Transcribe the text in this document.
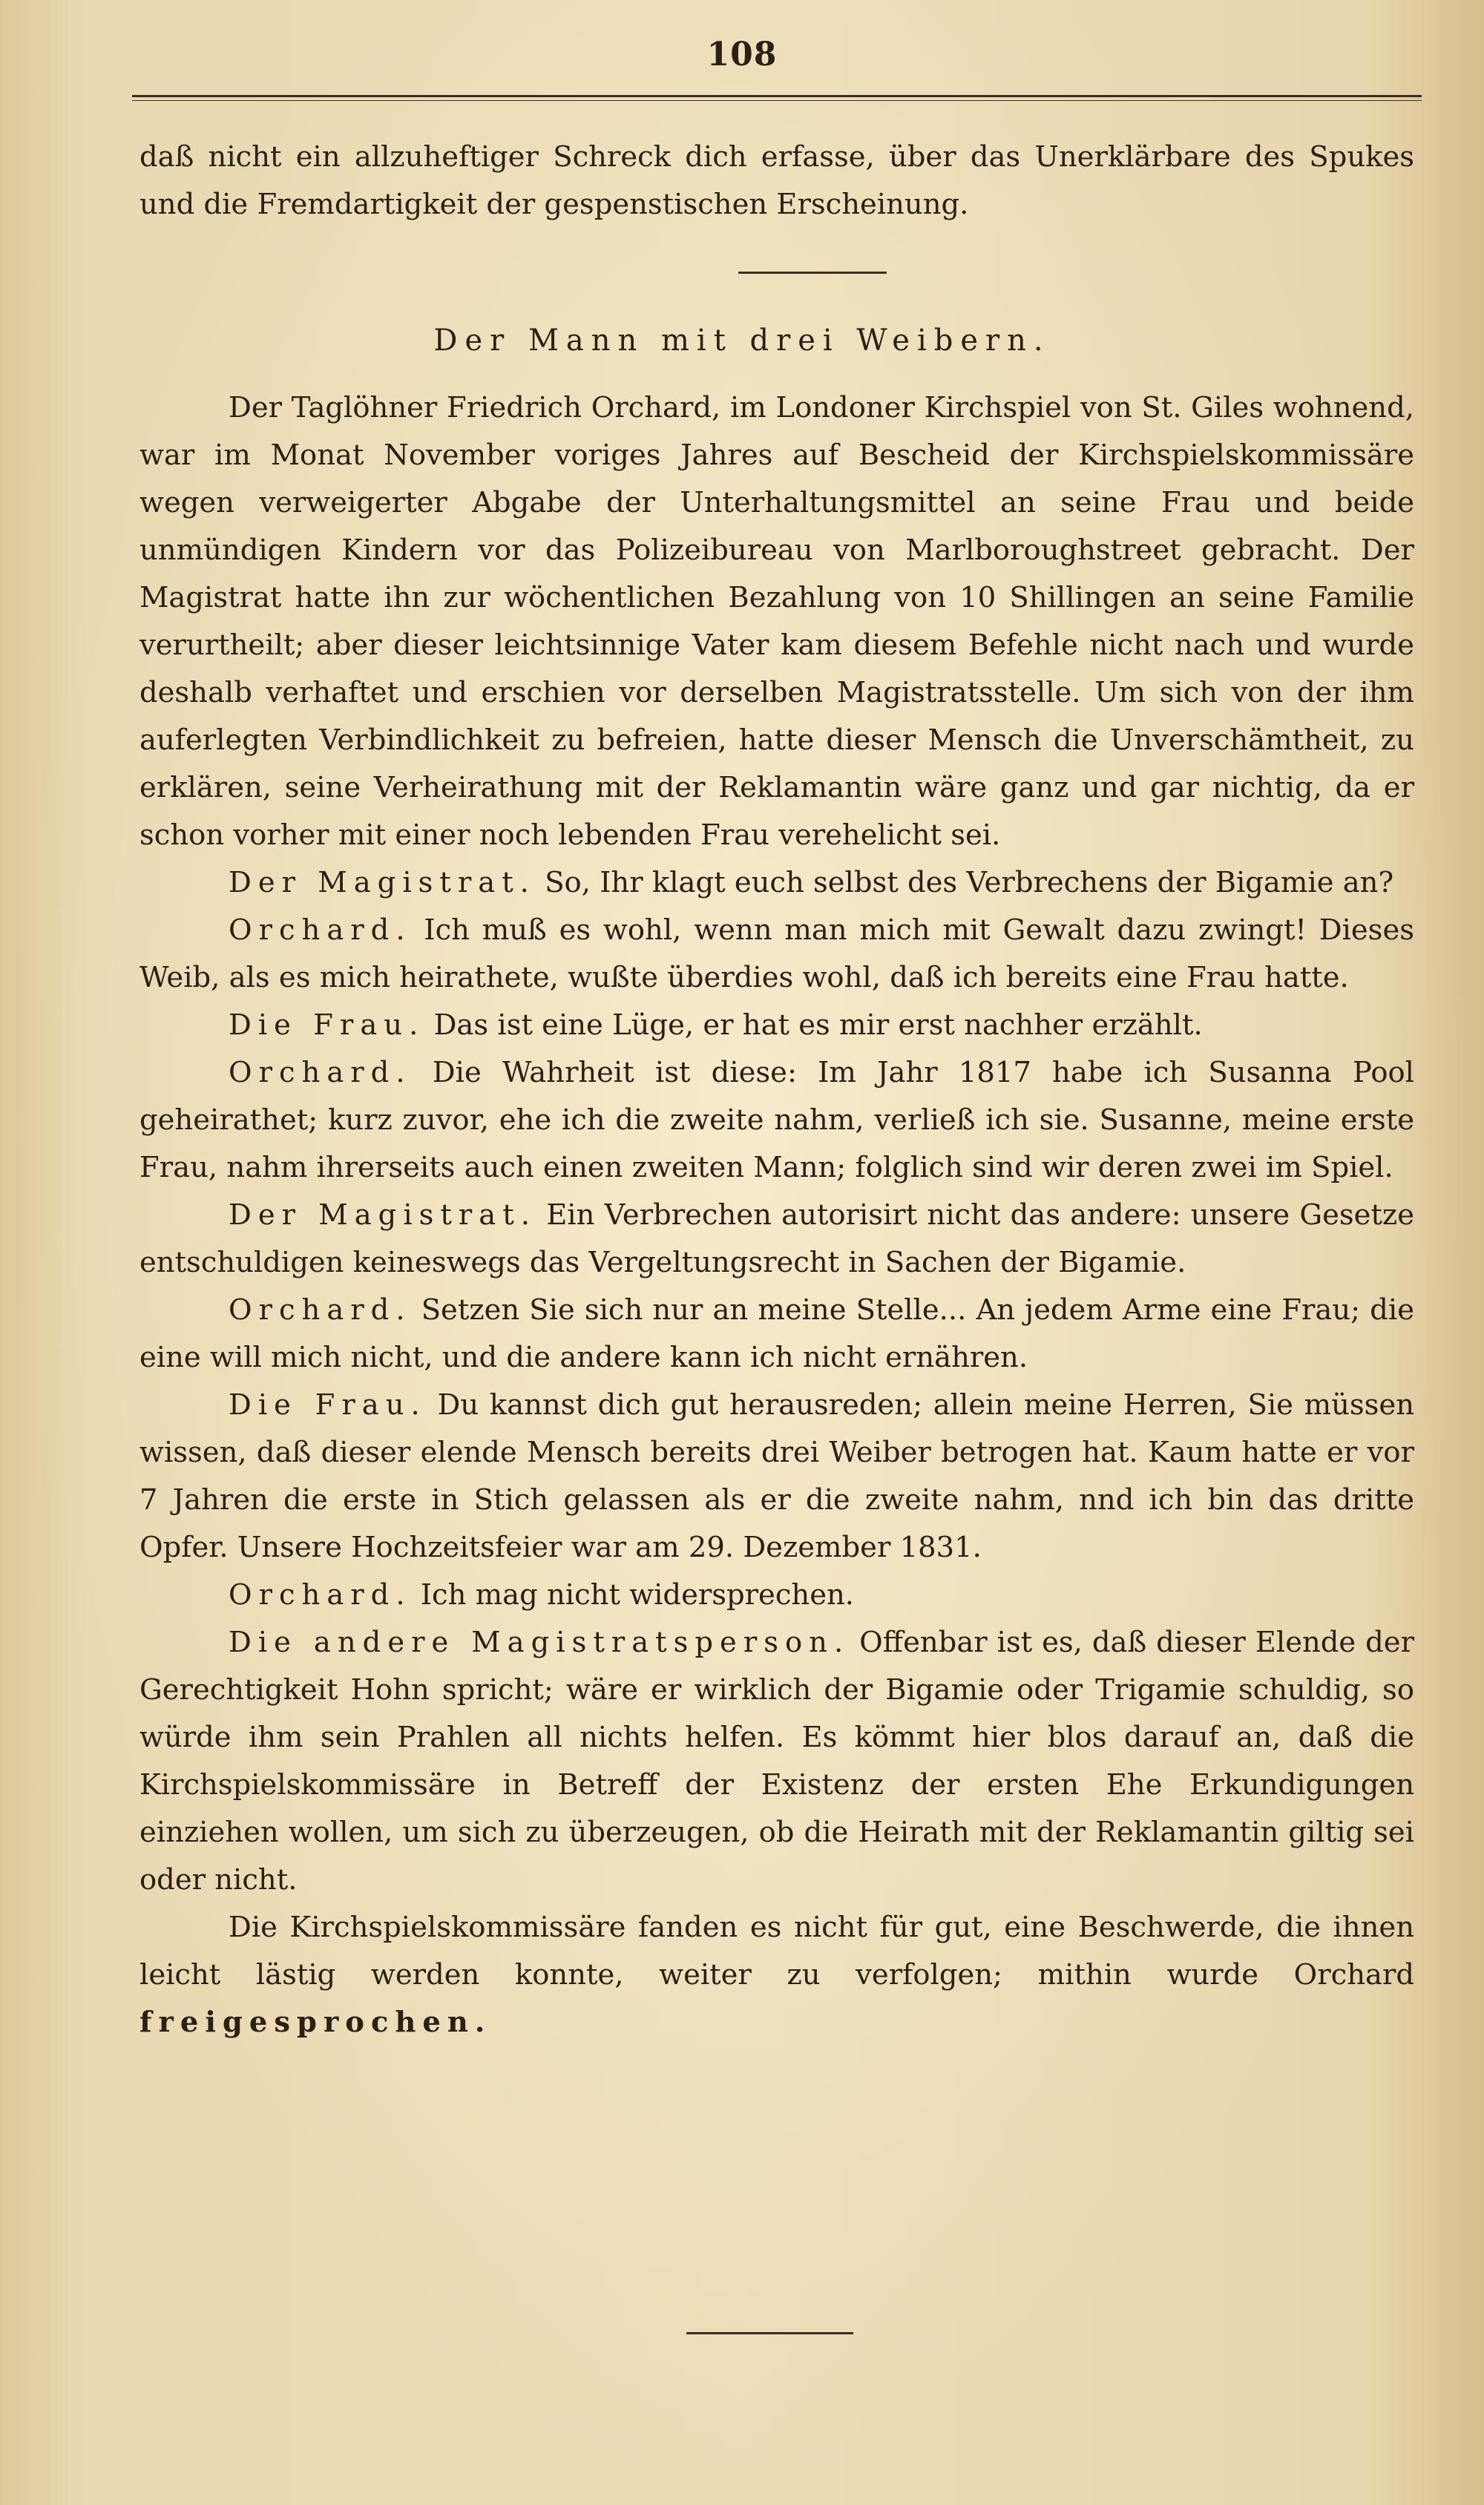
108
daß nicht ein allzuheftiger Schreck dich erfasse, über das Unerklärbare des Spukes und die Fremdartigkeit der gespenstischen Erscheinung.
Der Mann mit drei Weibern.

Der Taglöhner Friedrich Orchard, im Londoner Kirchspiel von St. Giles wohnend, war im Monat November voriges Jahres auf Bescheid der Kirchspielskommissäre wegen verweigerter Abgabe der Unterhaltungsmittel an seine Frau und beide unmündigen Kindern vor das Polizeibureau von Marlboroughstreet gebracht. Der Magistrat hatte ihn zur wöchentlichen Bezahlung von 10 Shillingen an seine Familie verurtheilt; aber dieser leichtsinnige Vater kam diesem Befehle nicht nach und wurde deshalb verhaftet und erschien vor derselben Magistratsstelle. Um sich von der ihm auferlegten Verbindlichkeit zu befreien, hatte dieser Mensch die Unverschämtheit, zu erklären, seine Verheirathung mit der Reklamantin wäre ganz und gar nichtig, da er schon vorher mit einer noch lebenden Frau verehelicht sei.

Der Magistrat. So, Ihr klagt euch selbst des Verbrechens der Bigamie an?

Orchard. Ich muß es wohl, wenn man mich mit Gewalt dazu zwingt! Dieses Weib, als es mich heirathete, wußte überdies wohl, daß ich bereits eine Frau hatte.

Die Frau. Das ist eine Lüge, er hat es mir erst nachher erzählt.

Orchard. Die Wahrheit ist diese: Im Jahr 1817 habe ich Susanna Pool geheirathet; kurz zuvor, ehe ich die zweite nahm, verließ ich sie. Susanne, meine erste Frau, nahm ihrerseits auch einen zweiten Mann; folglich sind wir deren zwei im Spiel.

Der Magistrat. Ein Verbrechen autorisirt nicht das andere: unsere Gesetze entschuldigen keineswegs das Vergeltungsrecht in Sachen der Bigamie.

Orchard. Setzen Sie sich nur an meine Stelle... An jedem Arme eine Frau; die eine will mich nicht, und die andere kann ich nicht ernähren.

Die Frau. Du kannst dich gut herausreden; allein meine Herren, Sie müssen wissen, daß dieser elende Mensch bereits drei Weiber betrogen hat. Kaum hatte er vor 7 Jahren die erste in Stich gelassen als er die zweite nahm, nnd ich bin das dritte Opfer. Unsere Hochzeitsfeier war am 29. Dezember 1831.

Orchard. Ich mag nicht widersprechen.

Die andere Magistratsperson. Offenbar ist es, daß dieser Elende der Gerechtigkeit Hohn spricht; wäre er wirklich der Bigamie oder Trigamie schuldig, so würde ihm sein Prahlen all nichts helfen. Es kömmt hier blos darauf an, daß die Kirchspielskommissäre in Betreff der Existenz der ersten Ehe Erkundigungen einziehen wollen, um sich zu überzeugen, ob die Heirath mit der Reklamantin giltig sei oder nicht.

Die Kirchspielskommissäre fanden es nicht für gut, eine Beschwerde, die ihnen leicht lästig werden konnte, weiter zu verfolgen; mithin wurde Orchard freigesprochen.
